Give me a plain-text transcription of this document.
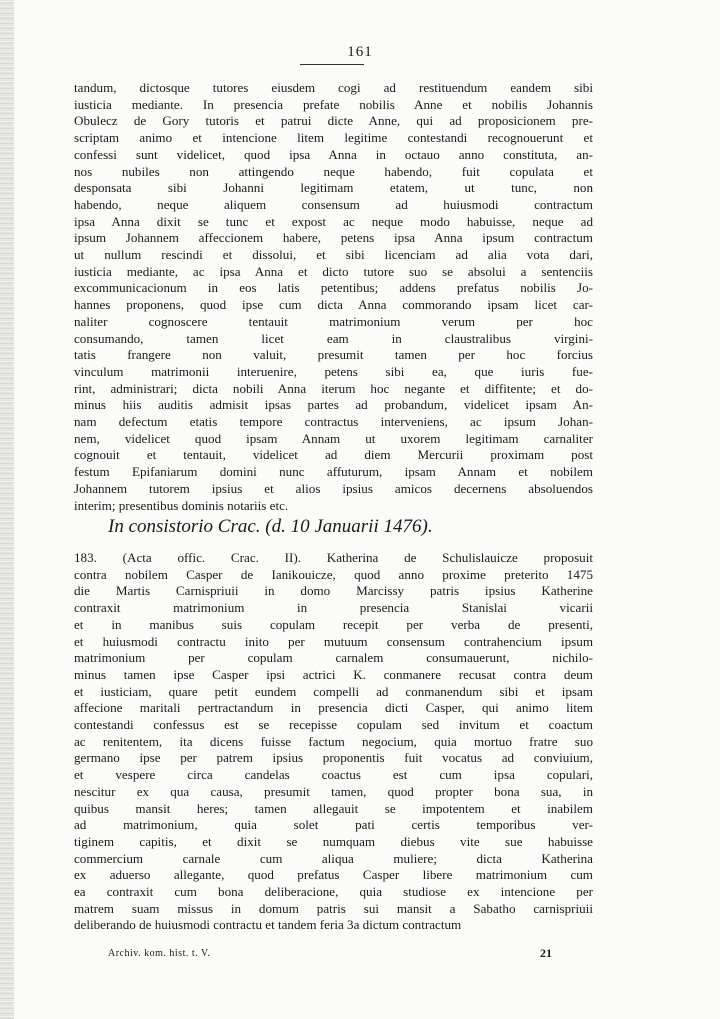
161
tandum, dictosque tutores eiusdem cogi ad restituendum eandem sibi
iusticia mediante. In presencia prefate nobilis Anne et nobilis Johannis
Obulecz de Gory tutoris et patrui dicte Anne, qui ad proposicionem pre-
scriptam animo et intencione litem legitime contestandi recognouerunt et
confessi sunt videlicet, quod ipsa Anna in octauo anno constituta, an-
nos nubiles non attingendo neque habendo, fuit copulata et
desponsata sibi Johanni legitimam etatem, ut tunc, non
habendo, neque aliquem consensum ad huiusmodi contractum
ipsa Anna dixit se tunc et expost ac neque modo habuisse, neque ad
ipsum Johannem affeccionem habere, petens ipsa Anna ipsum contractum
ut nullum rescindi et dissolui, et sibi licenciam ad alia vota dari,
iusticia mediante, ac ipsa Anna et dicto tutore suo se absolui a sentenciis
excommunicacionum in eos latis petentibus; addens prefatus nobilis Jo-
hannes proponens, quod ipse cum dicta Anna commorando ipsam licet car-
naliter cognoscere tentauit matrimonium verum per hoc
consumando, tamen licet eam in claustralibus virgini-
tatis frangere non valuit, presumit tamen per hoc forcius
vinculum matrimonii interuenire, petens sibi ea, que iuris fue-
rint, administrari; dicta nobili Anna iterum hoc negante et diffitente; et do-
minus hiis auditis admisit ipsas partes ad probandum, videlicet ipsam An-
nam defectum etatis tempore contractus interveniens, ac ipsum Johan-
nem, videlicet quod ipsam Annam ut uxorem legitimam carnaliter
cognouit et tentauit, videlicet ad diem Mercurii proximam post
festum Epifaniarum domini nunc affuturum, ipsam Annam et nobilem
Johannem tutorem ipsius et alios ipsius amicos decernens absoluendos
interim; presentibus dominis notariis etc.
In consistorio Crac. (d. 10 Januarii 1476).
183. (Acta offic. Crac. II). Katherina de Schulislauicze proposuit
contra nobilem Casper de Ianikouicze, quod anno proxime preterito 1475
die Martis Carnispriuii in domo Marcissy patris ipsius Katherine
contraxit matrimonium in presencia Stanislai vicarii
et in manibus suis copulam recepit per verba de presenti,
et huiusmodi contractu inito per mutuum consensum contrahencium ipsum
matrimonium per copulam carnalem consumauerunt, nichilo-
minus tamen ipse Casper ipsi actrici K. conmanere recusat contra deum
et iusticiam, quare petit eundem compelli ad conmanendum sibi et ipsam
affecione maritali pertractandum in presencia dicti Casper, qui animo litem
contestandi confessus est se recepisse copulam sed invitum et coactum
ac renitentem, ita dicens fuisse factum negocium, quia mortuo fratre suo
germano ipse per patrem ipsius proponentis fuit vocatus ad conviuium,
et vespere circa candelas coactus est cum ipsa copulari,
nescitur ex qua causa, presumit tamen, quod propter bona sua, in
quibus mansit heres; tamen allegauit se impotentem et inabilem
ad matrimonium, quia solet pati certis temporibus ver-
tiginem capitis, et dixit se numquam diebus vite sue habuisse
commercium carnale cum aliqua muliere; dicta Katherina
ex aduerso allegante, quod prefatus Casper libere matrimonium cum
ea contraxit cum bona deliberacione, quia studiose ex intencione per
matrem suam missus in domum patris sui mansit a Sabatho carnispriuii
deliberando de huiusmodi contractu et tandem feria 3a dictum contractum
Archiv. kom. hist. t. V.	21
